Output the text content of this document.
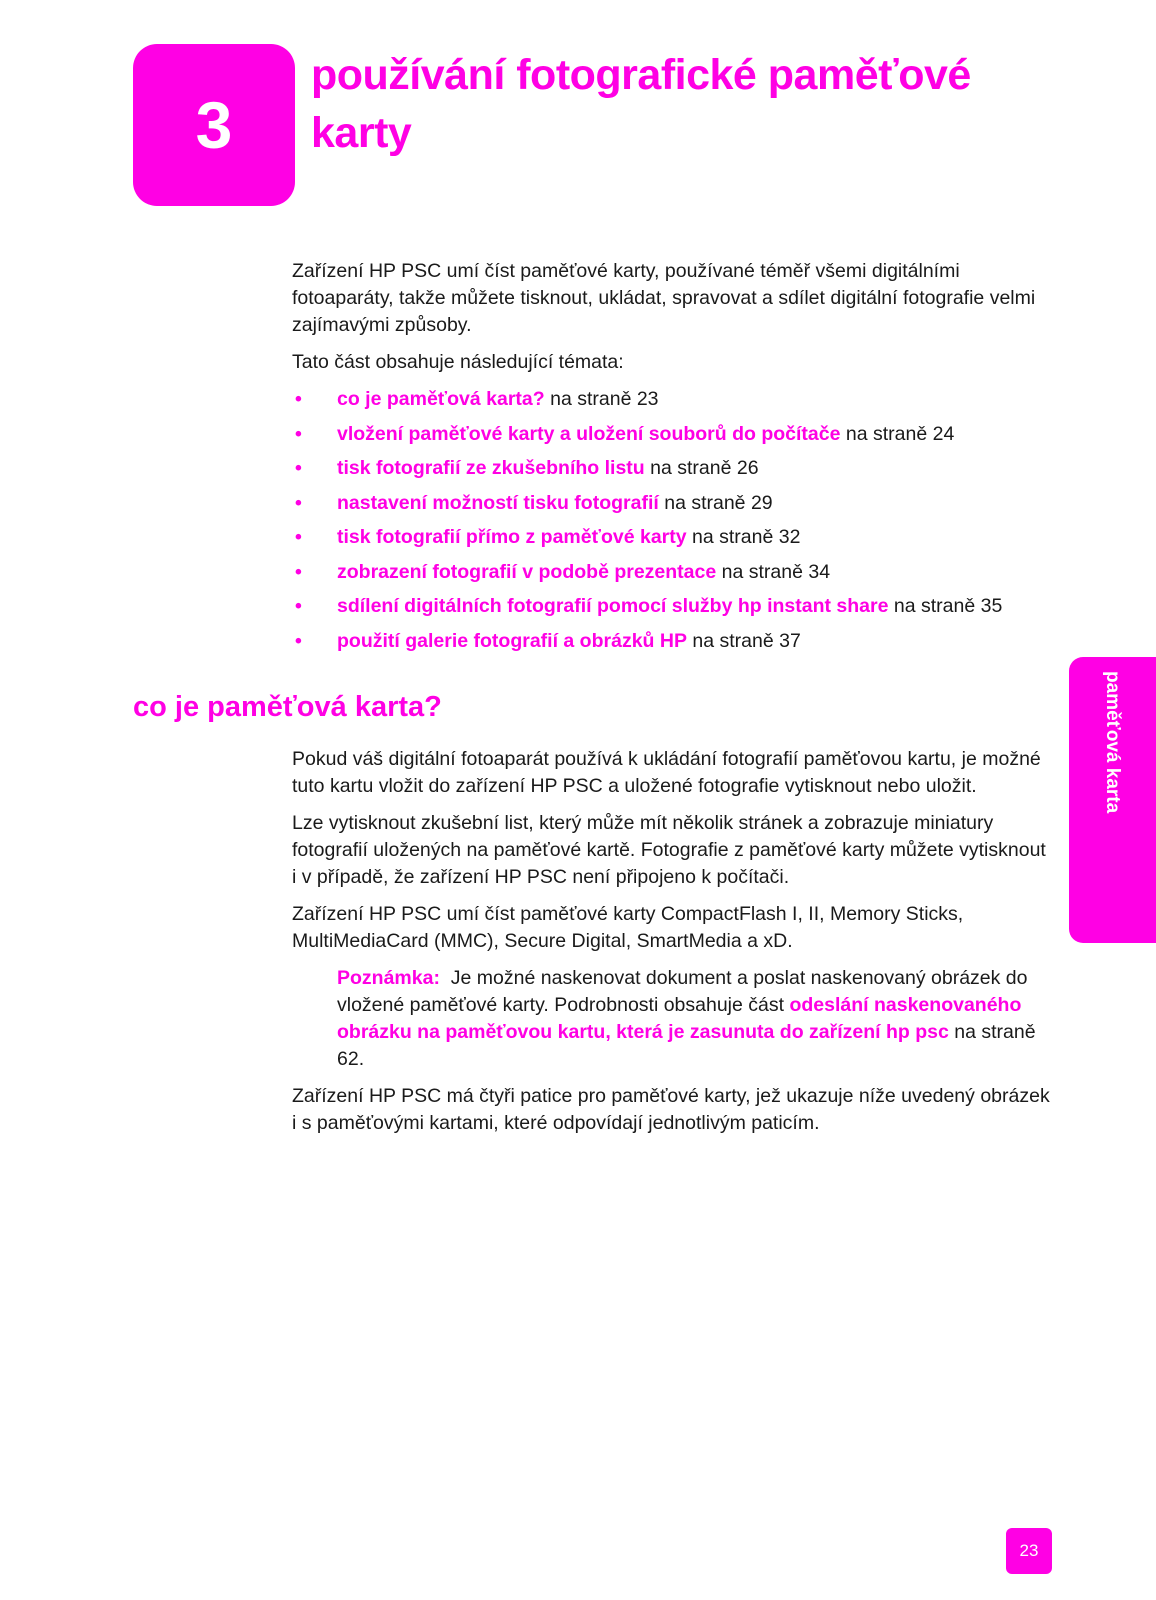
3
používání fotografické paměťové karty

Zařízení HP PSC umí číst paměťové karty, používané téměř všemi digitálními fotoaparáty, takže můžete tisknout, ukládat, spravovat a sdílet digitální fotografie velmi zajímavými způsoby.

Tato část obsahuje následující témata:

• co je paměťová karta? na straně 23
• vložení paměťové karty a uložení souborů do počítače na straně 24
• tisk fotografií ze zkušebního listu na straně 26
• nastavení možností tisku fotografií na straně 29
• tisk fotografií přímo z paměťové karty na straně 32
• zobrazení fotografií v podobě prezentace na straně 34
• sdílení digitálních fotografií pomocí služby hp instant share na straně 35
• použití galerie fotografií a obrázků HP na straně 37
co je paměťová karta?

Pokud váš digitální fotoaparát používá k ukládání fotografií paměťovou kartu, je možné tuto kartu vložit do zařízení HP PSC a uložené fotografie vytisknout nebo uložit.

Lze vytisknout zkušební list, který může mít několik stránek a zobrazuje miniatury fotografií uložených na paměťové kartě. Fotografie z paměťové karty můžete vytisknout i v případě, že zařízení HP PSC není připojeno k počítači.

Zařízení HP PSC umí číst paměťové karty CompactFlash I, II, Memory Sticks, MultiMediaCard (MMC), Secure Digital, SmartMedia a xD.

Poznámka: Je možné naskenovat dokument a poslat naskenovaný obrázek do vložené paměťové karty. Podrobnosti obsahuje část odeslání naskenovaného obrázku na paměťovou kartu, která je zasunuta do zařízení hp psc na straně 62.

Zařízení HP PSC má čtyři patice pro paměťové karty, jež ukazuje níže uvedený obrázek i s paměťovými kartami, které odpovídají jednotlivým paticím.

paměťová karta
23
